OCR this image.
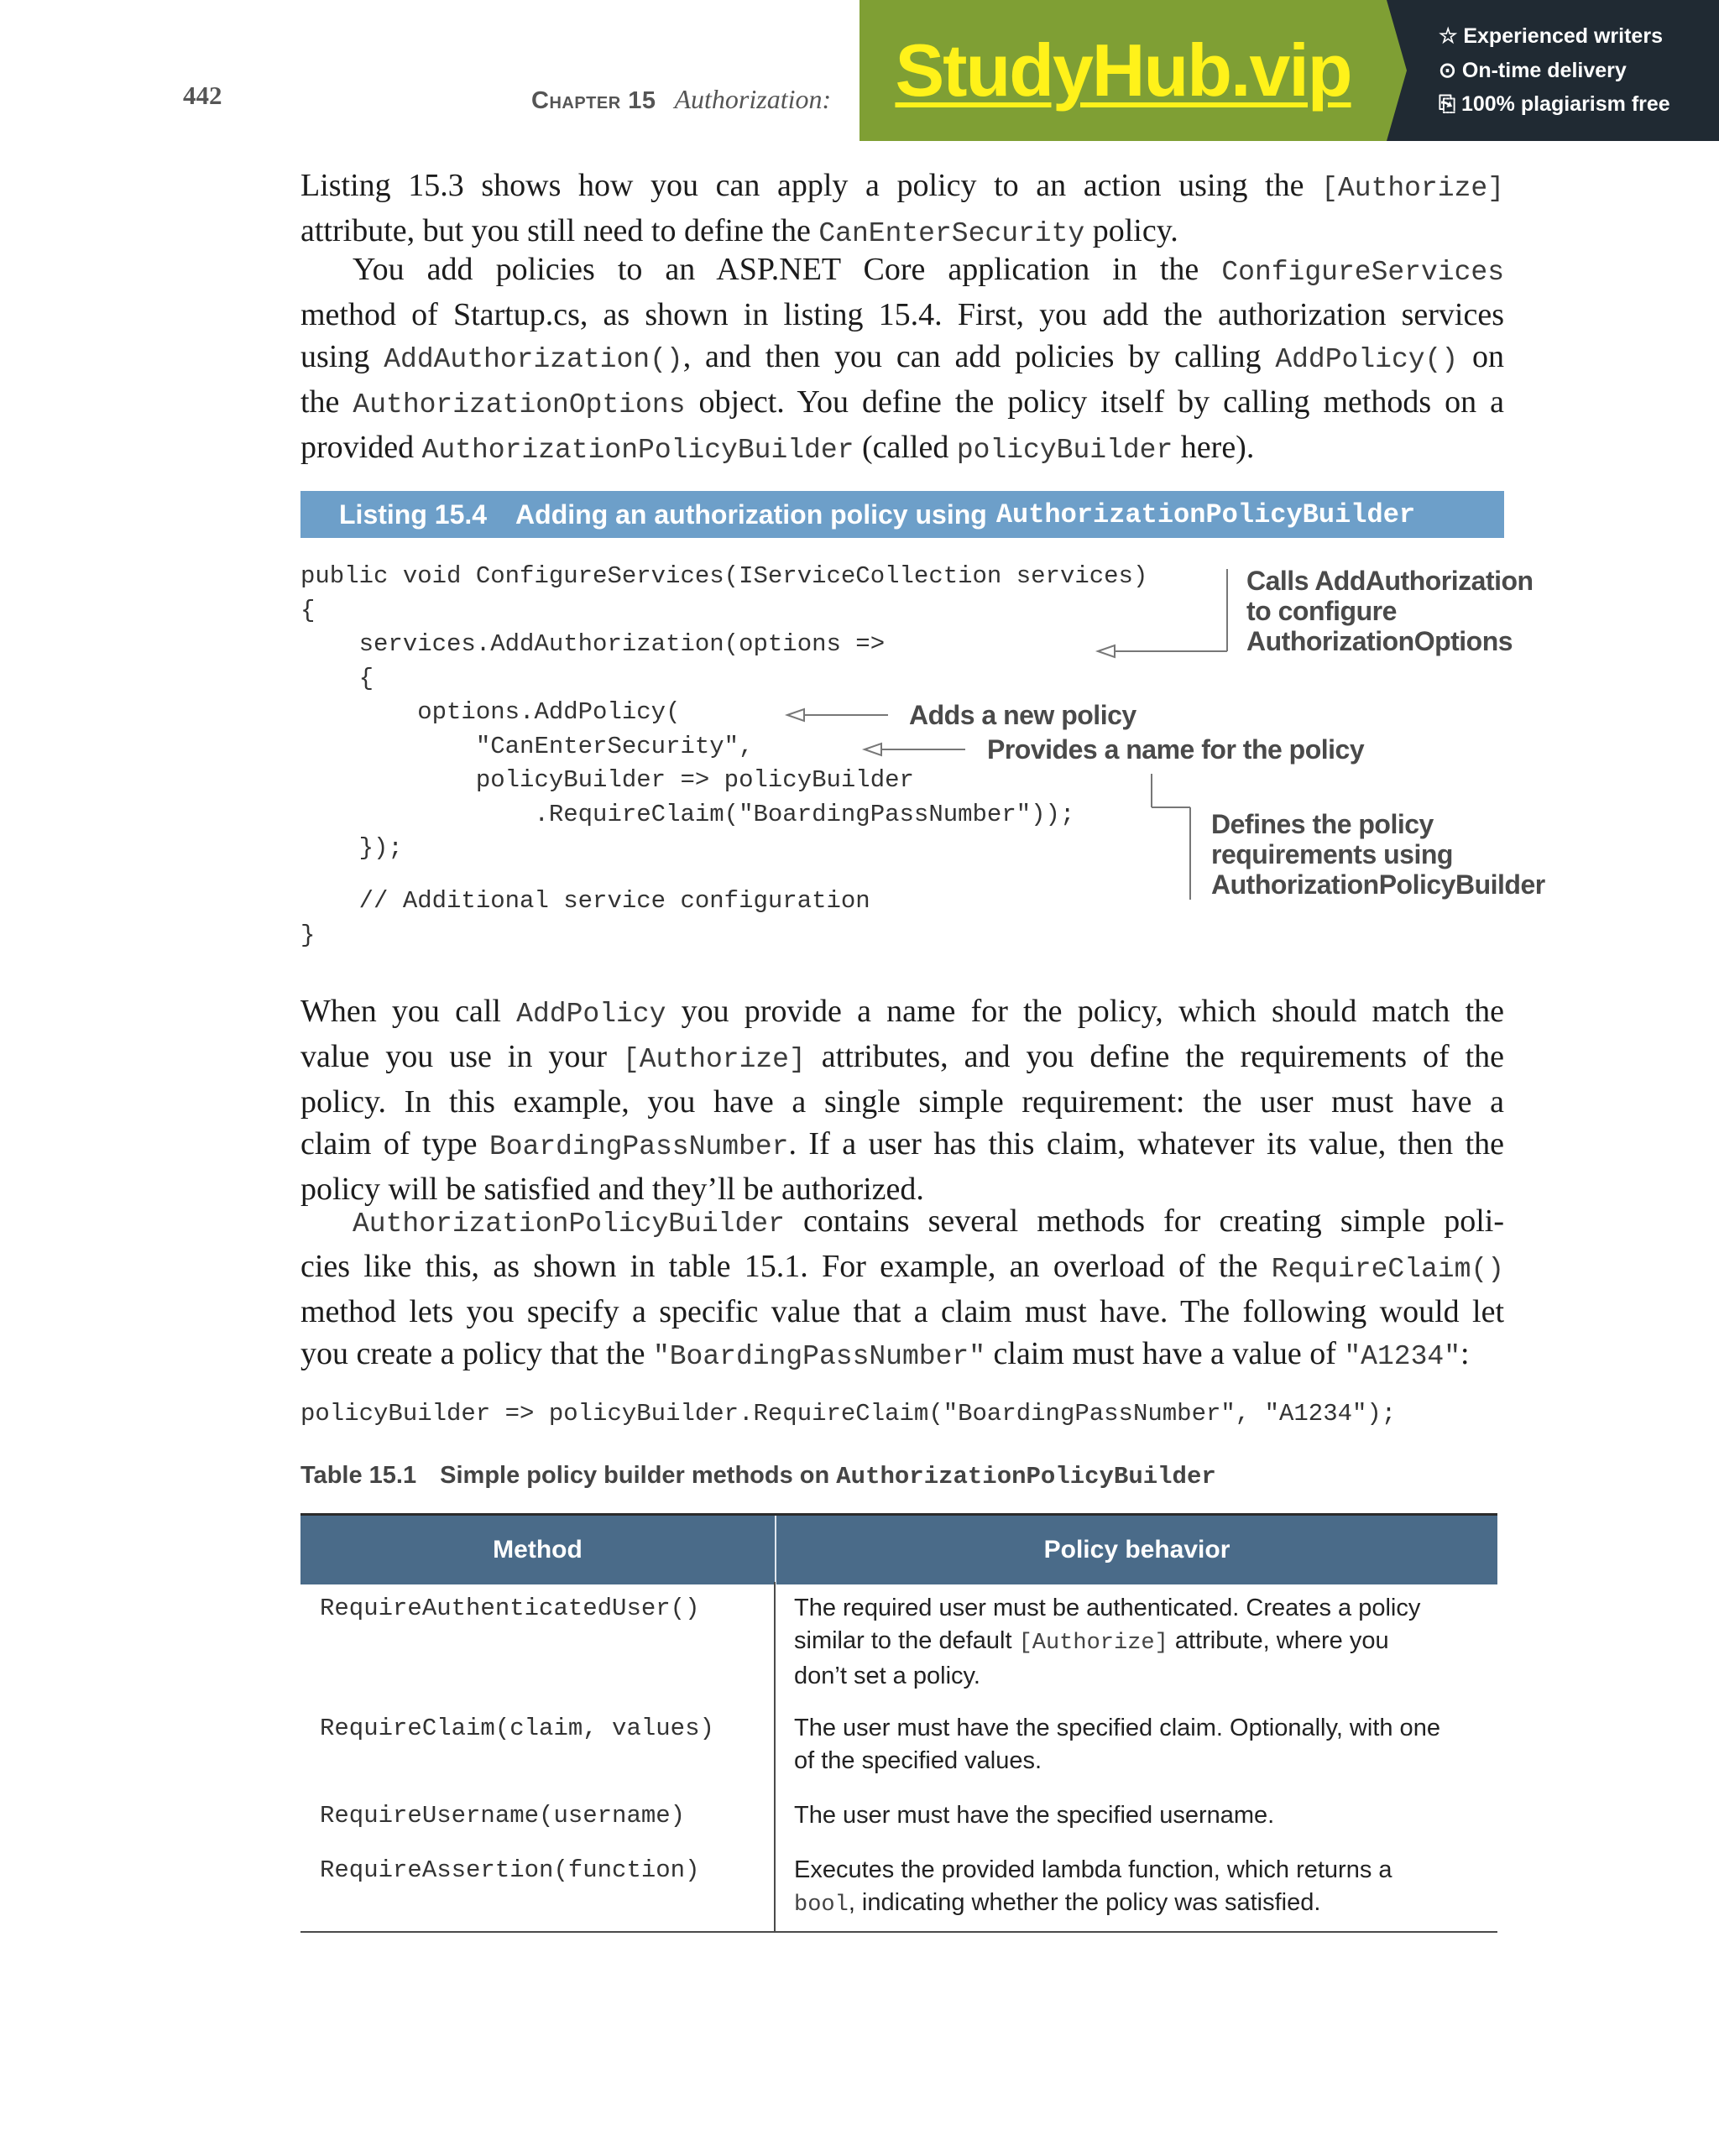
442	Chapter 15 Authorization: StudyHub.vip	☆ Experienced writers
⊙ On-time delivery
⎘ 100% plagiarism free
Listing 15.3 shows how you can apply a policy to an action using the [Authorize]
attribute, but you still need to define the CanEnterSecurity policy.
You add policies to an ASP.NET Core application in the ConfigureServices
method of Startup.cs, as shown in listing 15.4. First, you add the authorization services
using AddAuthorization(), and then you can add policies by calling AddPolicy() on
the AuthorizationOptions object. You define the policy itself by calling methods on a
provided AuthorizationPolicyBuilder (called policyBuilder here).
Listing 15.4 Adding an authorization policy using AuthorizationPolicyBuilder
public void ConfigureServices(IServiceCollection services)
{
services.AddAuthorization(options =>
{
options.AddPolicy(
"CanEnterSecurity",
policyBuilder => policyBuilder
.RequireClaim("BoardingPassNumber"));
});
// Additional service configuration
}
Calls AddAuthorization
to configure
AuthorizationOptions
Adds a new policy
Provides a name for the policy
Defines the policy
requirements using
AuthorizationPolicyBuilder
When you call AddPolicy you provide a name for the policy, which should match the
value you use in your [Authorize] attributes, and you define the requirements of the
policy. In this example, you have a single simple requirement: the user must have a
claim of type BoardingPassNumber. If a user has this claim, whatever its value, then the
policy will be satisfied and they’ll be authorized.
AuthorizationPolicyBuilder contains several methods for creating simple poli-
cies like this, as shown in table 15.1. For example, an overload of the RequireClaim()
method lets you specify a specific value that a claim must have. The following would let
you create a policy that the "BoardingPassNumber" claim must have a value of "A1234":
policyBuilder => policyBuilder.RequireClaim("BoardingPassNumber", "A1234");
Table 15.1 Simple policy builder methods on AuthorizationPolicyBuilder
Method	Policy behavior
RequireAuthenticatedUser()	The required user must be authenticated. Creates a policy
similar to the default [Authorize] attribute, where you
don’t set a policy.
RequireClaim(claim, values)	The user must have the specified claim. Optionally, with one
of the specified values.
RequireUsername(username)	The user must have the specified username.
RequireAssertion(function)	Executes the provided lambda function, which returns a
bool, indicating whether the policy was satisfied.
